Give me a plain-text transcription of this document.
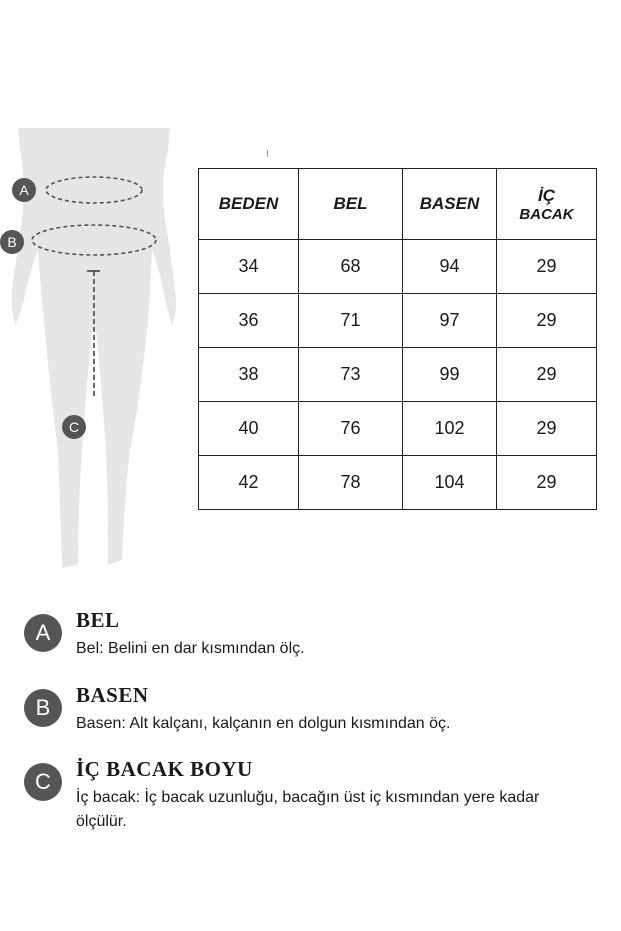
A
B
C
BEDEN	BEL	BASEN	İÇ
BACAK

34	68	94	29
36	71	97	29
38	73	99	29
40	76	102	29
42	78	104	29
A	BEL
Bel: Belini en dar kısmından ölç.
B	BASEN
Basen: Alt kalçanı, kalçanın en dolgun kısmından öç.
C	İÇ BACAK BOYU
İç bacak: İç bacak uzunluğu, bacağın üst iç kısmından yere kadar ölçülür.
